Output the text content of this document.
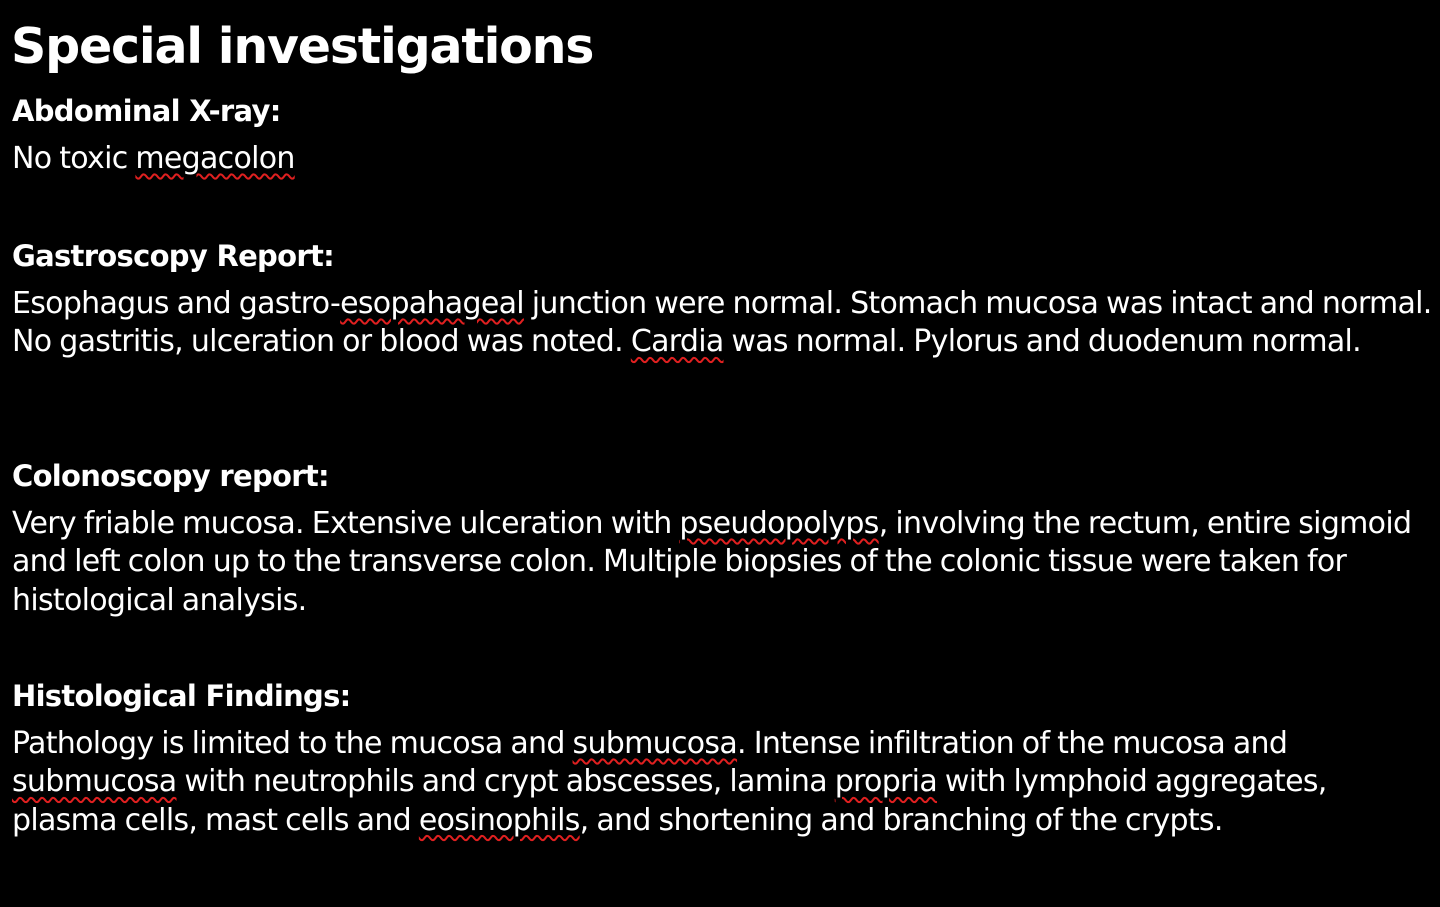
Special investigations

Abdominal X-ray:

No toxic megacolon

Gastroscopy Report:

Esophagus and gastro-esopahageal junction were normal. Stomach mucosa was intact and normal. No gastritis, ulceration or blood was noted. Cardia was normal. Pylorus and duodenum normal.

Colonoscopy report:

Very friable mucosa. Extensive ulceration with pseudopolyps, involving the rectum, entire sigmoid and left colon up to the transverse colon. Multiple biopsies of the colonic tissue were taken for histological analysis.

Histological Findings:

Pathology is limited to the mucosa and submucosa. Intense infiltration of the mucosa and submucosa with neutrophils and crypt abscesses, lamina propria with lymphoid aggregates, plasma cells, mast cells and eosinophils, and shortening and branching of the crypts.
